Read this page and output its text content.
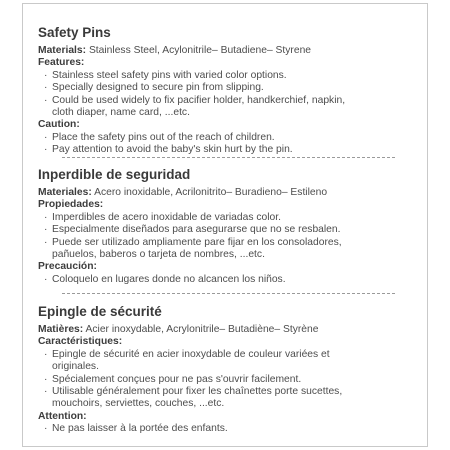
Safety Pins
Materials: Stainless Steel, Acylonitrile– Butadiene– Styrene
Features:
· Stainless steel safety pins with varied color options.
· Specially designed to secure pin from slipping.
· Could be used widely to fix pacifier holder, handkerchief, napkin,
cloth diaper, name card, ...etc.
Caution:
· Place the safety pins out of the reach of children.
· Pay attention to avoid the baby's skin hurt by the pin.
Inperdible de seguridad
Materiales: Acero inoxidable, Acrilonitrito– Buradieno– Estileno
Propiedades:
· Imperdibles de acero inoxidable de variadas color.
· Especialmente diseñados para asegurarse que no se resbalen.
· Puede ser utilizado ampliamente pare fijar en los consoladores,
pañuelos, baberos o tarjeta de nombres, ...etc.
Precaución:
· Coloquelo en lugares donde no alcancen los niños.
Epingle de sécurité
Matières: Acier inoxydable, Acrylonitrile– Butadiène– Styrène
Caractéristiques:
· Epingle de sécurité en acier inoxydable de couleur variées et
originales.
· Spécialement conçues pour ne pas s'ouvrir facilement.
· Utilisable généralement pour fixer les chaînettes porte sucettes,
mouchoirs, serviettes, couches, ...etc.
Attention:
· Ne pas laisser à la portée des enfants.
